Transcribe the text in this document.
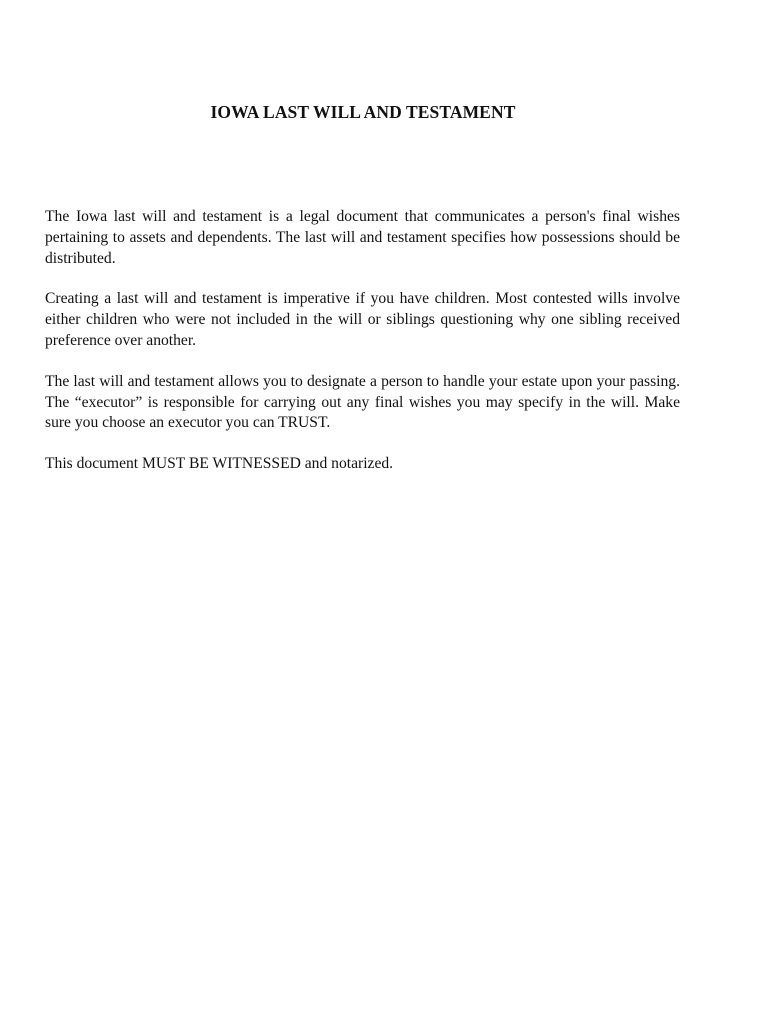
IOWA LAST WILL AND TESTAMENT

The Iowa last will and testament is a legal document that communicates a person's final wishes pertaining to assets and dependents. The last will and testament specifies how possessions should be distributed.

Creating a last will and testament is imperative if you have children. Most contested wills involve either children who were not included in the will or siblings questioning why one sibling received preference over another.

The last will and testament allows you to designate a person to handle your estate upon your passing. The “executor” is responsible for carrying out any final wishes you may specify in the will. Make sure you choose an executor you can TRUST.

This document MUST BE WITNESSED and notarized.
